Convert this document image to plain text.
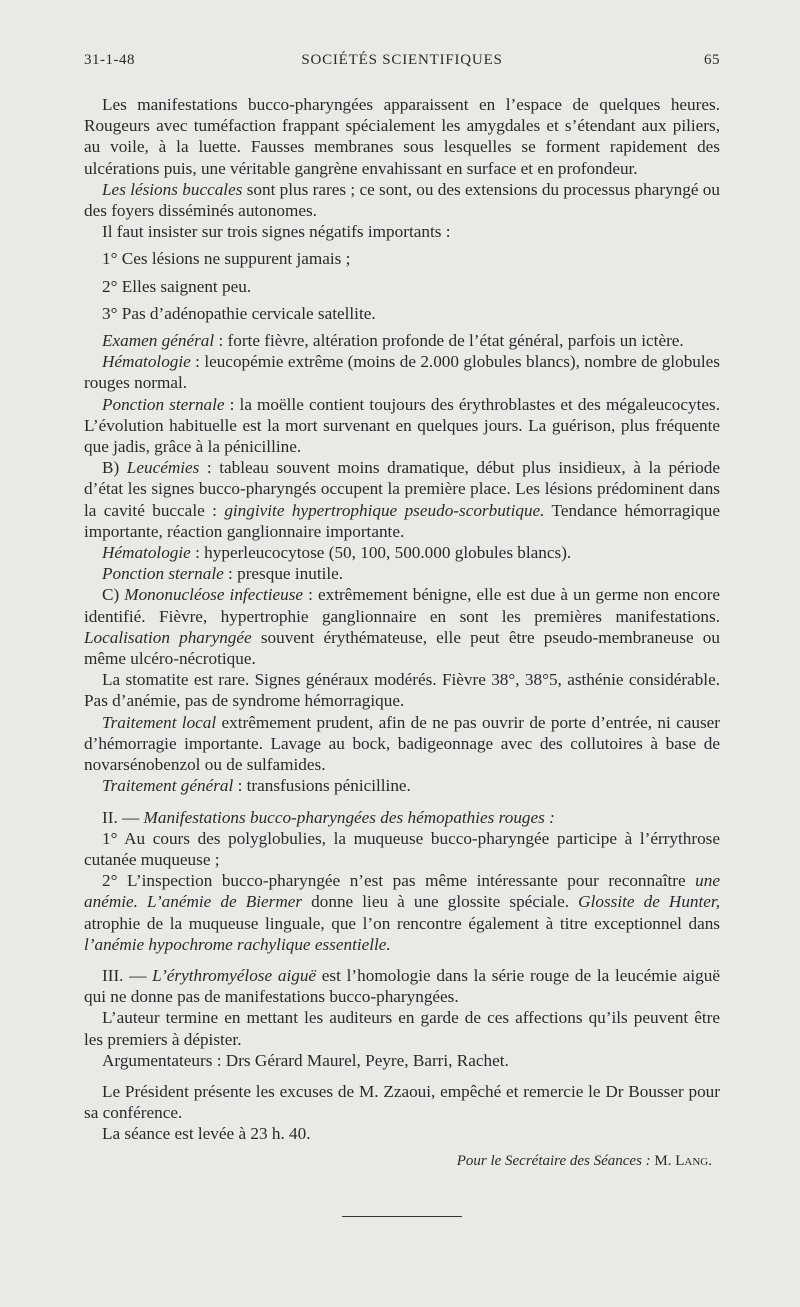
31-1-48	SOCIÉTÉS SCIENTIFIQUES	65

Les manifestations bucco-pharyngées apparaissent en l’espace de quelques heures. Rougeurs avec tuméfaction frappant spécialement les amygdales et s’étendant aux piliers, au voile, à la luette. Fausses membranes sous lesquelles se forment rapidement des ulcérations puis, une véritable gangrène envahissant en surface et en profondeur.

Les lésions buccales sont plus rares ; ce sont, ou des extensions du processus pharyngé ou des foyers disséminés autonomes.

Il faut insister sur trois signes négatifs importants :

1° Ces lésions ne suppurent jamais ;

2° Elles saignent peu.

3° Pas d’adénopathie cervicale satellite.

Examen général : forte fièvre, altération profonde de l’état général, parfois un ictère.

Hématologie : leucopémie extrême (moins de 2.000 globules blancs), nombre de globules rouges normal.

Ponction sternale : la moëlle contient toujours des érythroblastes et des mégaleucocytes. L’évolution habituelle est la mort survenant en quelques jours. La guérison, plus fréquente que jadis, grâce à la pénicilline.

B) Leucémies : tableau souvent moins dramatique, début plus insidieux, à la période d’état les signes bucco-pharyngés occupent la première place. Les lésions prédominent dans la cavité buccale : gingivite hypertrophique pseudo-scorbutique. Tendance hémorragique importante, réaction ganglionnaire importante.

Hématologie : hyperleucocytose (50, 100, 500.000 globules blancs).

Ponction sternale : presque inutile.

C) Mononucléose infectieuse : extrêmement bénigne, elle est due à un germe non encore identifié. Fièvre, hypertrophie ganglionnaire en sont les premières manifestations. Localisation pharyngée souvent érythémateuse, elle peut être pseudo-membraneuse ou même ulcéro-nécrotique.

La stomatite est rare. Signes généraux modérés. Fièvre 38°, 38°5, asthénie considérable. Pas d’anémie, pas de syndrome hémorragique.

Traitement local extrêmement prudent, afin de ne pas ouvrir de porte d’entrée, ni causer d’hémorragie importante. Lavage au bock, badigeonnage avec des collutoires à base de novarsénobenzol ou de sulfamides.

Traitement général : transfusions pénicilline.

II. — Manifestations bucco-pharyngées des hémopathies rouges :

1° Au cours des polyglobulies, la muqueuse bucco-pharyngée participe à l’érrythrose cutanée muqueuse ;

2° L’inspection bucco-pharyngée n’est pas même intéressante pour reconnaître une anémie. L’anémie de Biermer donne lieu à une glossite spéciale. Glossite de Hunter, atrophie de la muqueuse linguale, que l’on rencontre également à titre exceptionnel dans l’anémie hypochrome rachylique essentielle.

III. — L’érythromyélose aiguë est l’homologie dans la série rouge de la leucémie aiguë qui ne donne pas de manifestations bucco-pharyngées.

L’auteur termine en mettant les auditeurs en garde de ces affections qu’ils peuvent être les premiers à dépister.

Argumentateurs : Drs Gérard Maurel, Peyre, Barri, Rachet.

Le Président présente les excuses de M. Zzaoui, empêché et remercie le Dr Bousser pour sa conférence.

La séance est levée à 23 h. 40.

Pour le Secrétaire des Séances : M. Lang.
